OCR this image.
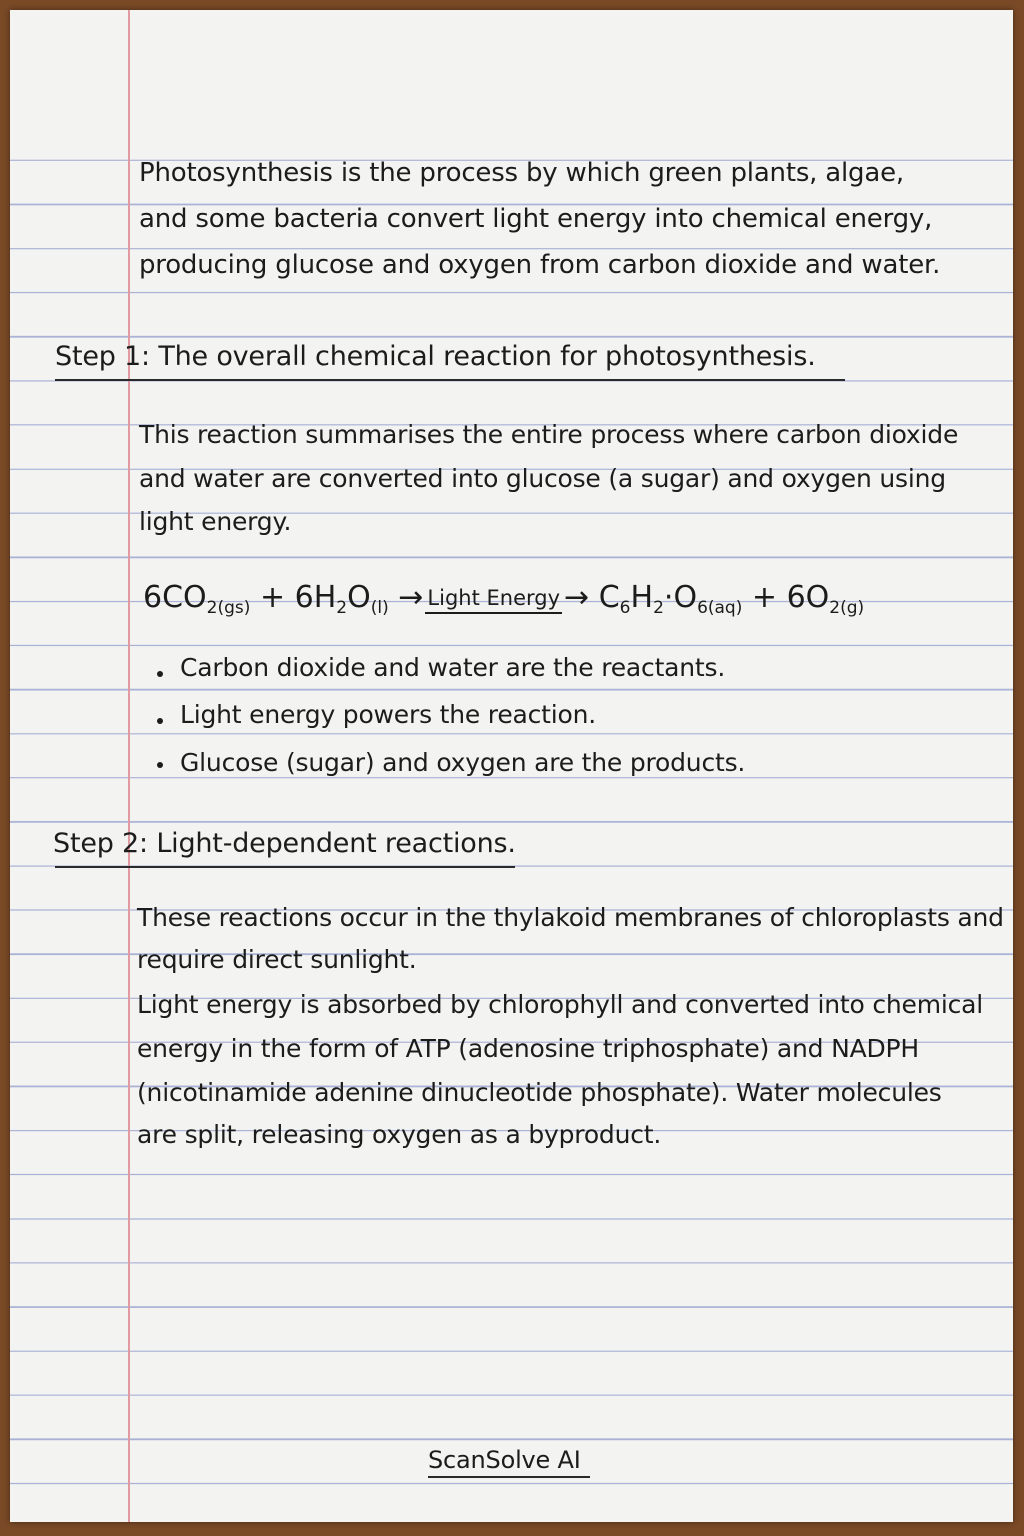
Photosynthesis is the process by which green plants, algae,
and some bacteria convert light energy into chemical energy,
producing glucose and oxygen from carbon dioxide and water.
Step 1: The overall chemical reaction for photosynthesis.
This reaction summarises the entire process where carbon dioxide
and water are converted into glucose (a sugar) and oxygen using
light energy.
$6CO_{2(gs)} + 6H_2O_{(l)}$ → Light Energy → $C_6H_2\cdot O_{6(aq)} + 6O_{2(g)}$
Carbon dioxide and water are the reactants.
Light energy powers the reaction.
Glucose (sugar) and oxygen are the products.
Step 2: Light-dependent reactions.
These reactions occur in the thylakoid membranes of chloroplasts and
require direct sunlight.
Light energy is absorbed by chlorophyll and converted into chemical
energy in the form of ATP (adenosine triphosphate) and NADPH
(nicotinamide adenine dinucleotide phosphate). Water molecules
are split, releasing oxygen as a byproduct.
ScanSolve AI
